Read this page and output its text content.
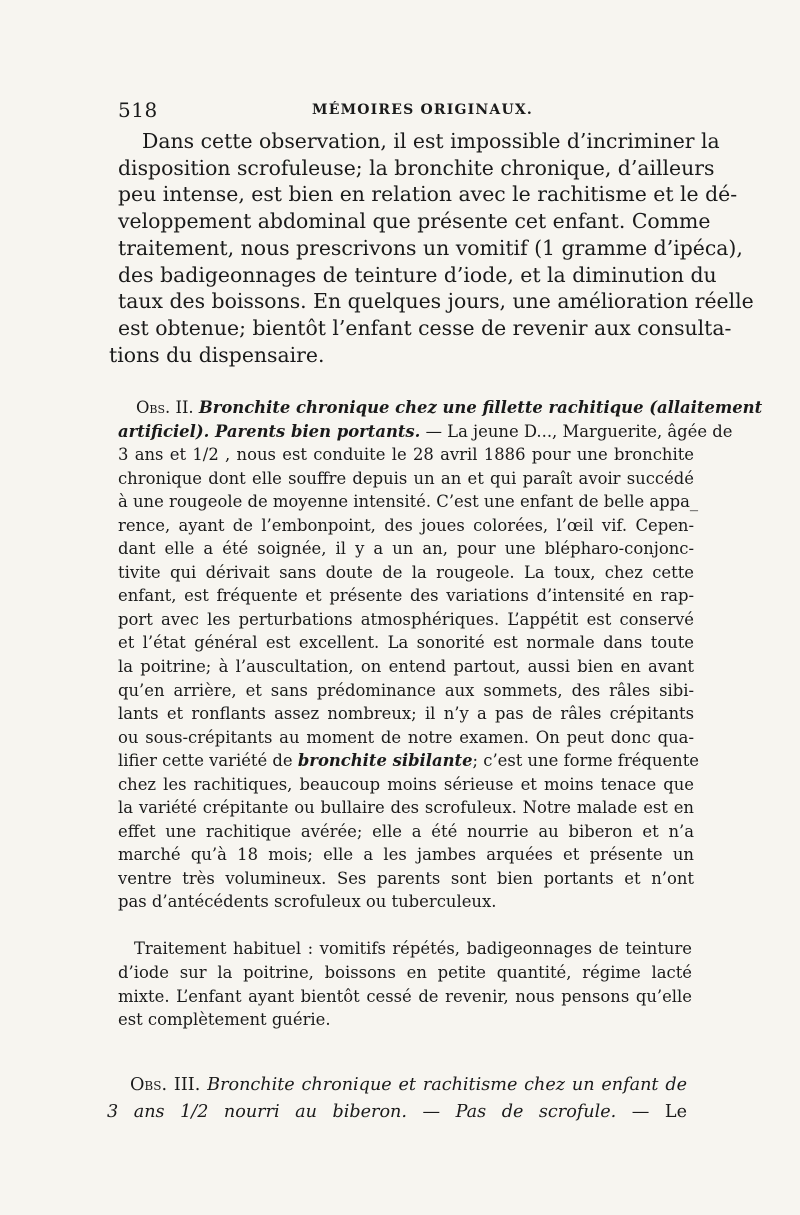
518	MÉMOIRES ORIGINAUX.
Dans cette observation, il est impossible d’incriminer la
disposition scrofuleuse; la bronchite chronique, d’ailleurs
peu intense, est bien en relation avec le rachitisme et le dé-
veloppement abdominal que présente cet enfant. Comme
traitement, nous prescrivons un vomitif (1 gramme d’ipéca),
des badigeonnages de teinture d’iode, et la diminution du
taux des boissons. En quelques jours, une amélioration réelle
est obtenue; bientôt l’enfant cesse de revenir aux consulta-
tions du dispensaire.
Obs. II. Bronchite chronique chez une fillette rachitique (allaitement
artificiel). Parents bien portants. — La jeune D..., Marguerite, âgée de
3 ans et 1/2 , nous est conduite le 28 avril 1886 pour une bronchite
chronique dont elle souffre depuis un an et qui paraît avoir succédé
à une rougeole de moyenne intensité. C’est une enfant de belle appa_
rence, ayant de l’embonpoint, des joues colorées, l’œil vif. Cepen-
dant elle a été soignée, il y a un an, pour une blépharo-conjonc-
tivite qui dérivait sans doute de la rougeole. La toux, chez cette
enfant, est fréquente et présente des variations d’intensité en rap-
port avec les perturbations atmosphériques. L’appétit est conservé
et l’état général est excellent. La sonorité est normale dans toute
la poitrine; à l’auscultation, on entend partout, aussi bien en avant
qu’en arrière, et sans prédominance aux sommets, des râles sibi-
lants et ronflants assez nombreux; il n’y a pas de râles crépitants
ou sous-crépitants au moment de notre examen. On peut donc qua-
lifier cette variété de bronchite sibilante; c’est une forme fréquente
chez les rachitiques, beaucoup moins sérieuse et moins tenace que
la variété crépitante ou bullaire des scrofuleux. Notre malade est en
effet une rachitique avérée; elle a été nourrie au biberon et n’a
marché qu’à 18 mois; elle a les jambes arquées et présente un
ventre très volumineux. Ses parents sont bien portants et n’ont
pas d’antécédents scrofuleux ou tuberculeux.
Traitement habituel : vomitifs répétés, badigeonnages de teinture
d’iode sur la poitrine, boissons en petite quantité, régime lacté
mixte. L’enfant ayant bientôt cessé de revenir, nous pensons qu’elle
est complètement guérie.
Obs. III. Bronchite chronique et rachitisme chez un enfant de
3 ans 1/2 nourri au biberon. — Pas de scrofule. — Le
